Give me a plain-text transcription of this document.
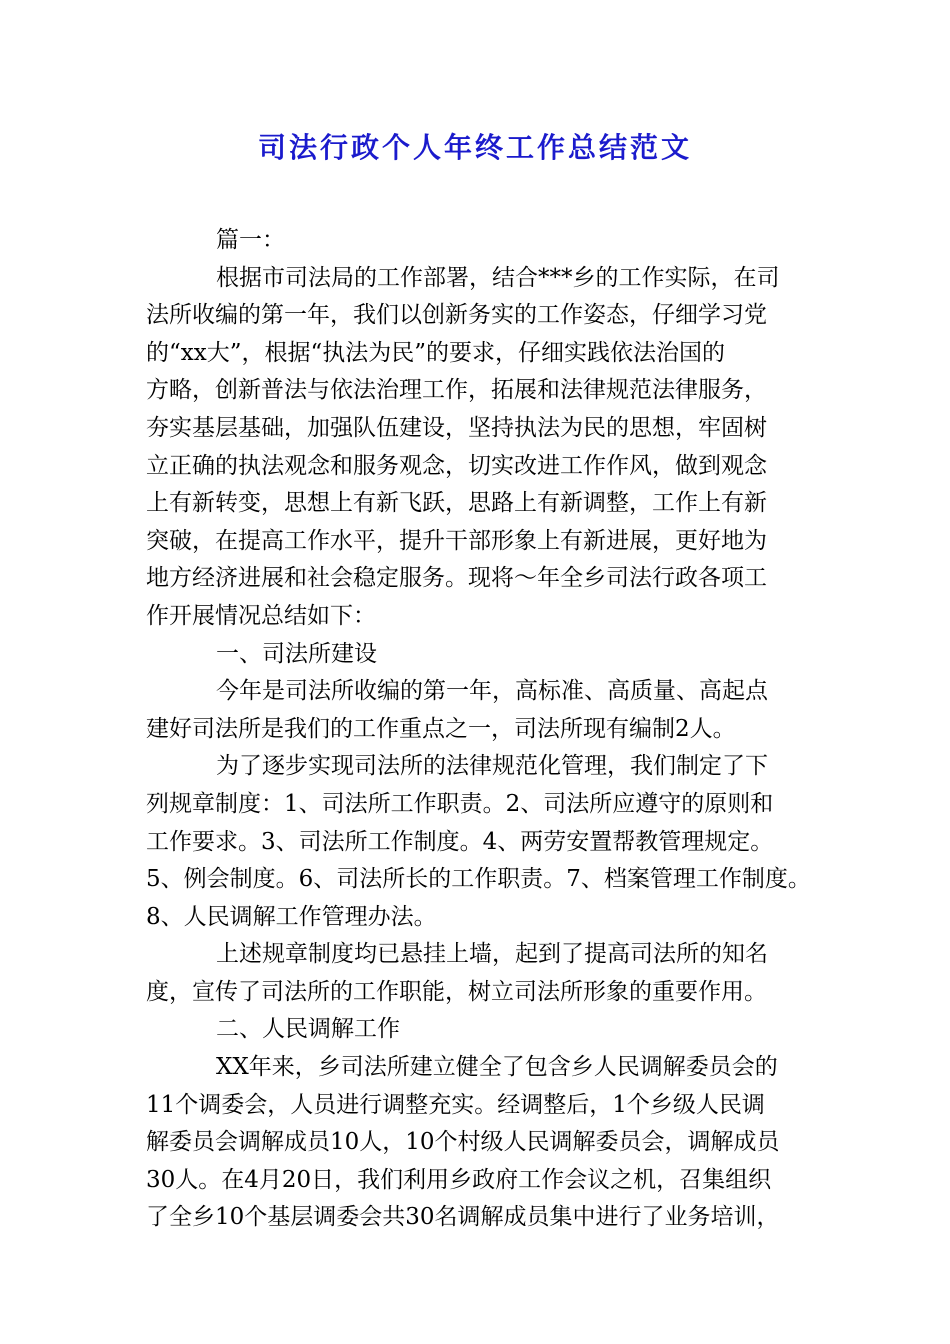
司法行政个人年终工作总结范文
篇一：
根据市司法局的工作部署，结合***乡的工作实际，在司
法所收编的第一年，我们以创新务实的工作姿态，仔细学习党
的“xx大”，根据“执法为民”的要求，仔细实践依法治国的
方略，创新普法与依法治理工作，拓展和法律规范法律服务，
夯实基层基础，加强队伍建设，坚持执法为民的思想，牢固树
立正确的执法观念和服务观念，切实改进工作作风，做到观念
上有新转变，思想上有新飞跃，思路上有新调整，工作上有新
突破，在提高工作水平，提升干部形象上有新进展，更好地为
地方经济进展和社会稳定服务。现将～年全乡司法行政各项工
作开展情况总结如下：
一、司法所建设
今年是司法所收编的第一年，高标准、高质量、高起点
建好司法所是我们的工作重点之一，司法所现有编制2人。
为了逐步实现司法所的法律规范化管理，我们制定了下
列规章制度：1、司法所工作职责。2、司法所应遵守的原则和
工作要求。3、司法所工作制度。4、两劳安置帮教管理规定。
5、例会制度。6、司法所长的工作职责。7、档案管理工作制度。
8、人民调解工作管理办法。
上述规章制度均已悬挂上墙，起到了提高司法所的知名
度，宣传了司法所的工作职能，树立司法所形象的重要作用。
二、人民调解工作
XX年来，乡司法所建立健全了包含乡人民调解委员会的
11个调委会，人员进行调整充实。经调整后，1个乡级人民调
解委员会调解成员10人，10个村级人民调解委员会，调解成员
30人。在4月20日，我们利用乡政府工作会议之机，召集组织
了全乡10个基层调委会共30名调解成员集中进行了业务培训，
